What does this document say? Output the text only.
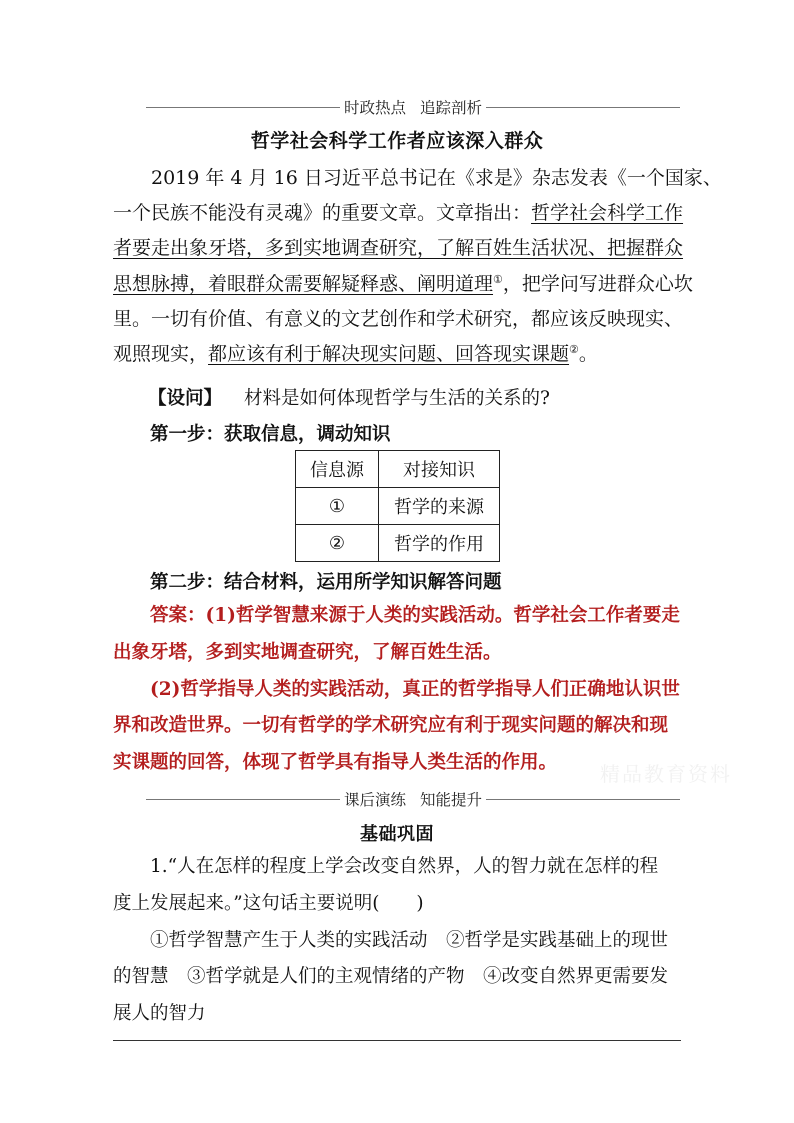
时政热点 追踪剖析
哲学社会科学工作者应该深入群众
2019 年 4 月 16 日习近平总书记在《求是》杂志发表《一个国家、
一个民族不能没有灵魂》的重要文章。文章指出：哲学社会科学工作
者要走出象牙塔，多到实地调查研究，了解百姓生活状况、把握群众
思想脉搏，着眼群众需要解疑释惑、阐明道理①，把学问写进群众心坎
里。一切有价值、有意义的文艺创作和学术研究，都应该反映现实、
观照现实，都应该有利于解决现实问题、回答现实课题②。
【设问】 材料是如何体现哲学与生活的关系的?
第一步：获取信息，调动知识
信息源	对接知识
①	哲学的来源
②	哲学的作用
第二步：结合材料，运用所学知识解答问题
答案：(1)哲学智慧来源于人类的实践活动。哲学社会工作者要走
出象牙塔，多到实地调查研究，了解百姓生活。
(2)哲学指导人类的实践活动，真正的哲学指导人们正确地认识世
界和改造世界。一切有哲学的学术研究应有利于现实问题的解决和现
实课题的回答，体现了哲学具有指导人类生活的作用。	精品教育资料
课后演练 知能提升
基础巩固
1.“人在怎样的程度上学会改变自然界，人的智力就在怎样的程
度上发展起来。”这句话主要说明(　　)
①哲学智慧产生于人类的实践活动　②哲学是实践基础上的现世
的智慧　③哲学就是人们的主观情绪的产物　④改变自然界更需要发
展人的智力
